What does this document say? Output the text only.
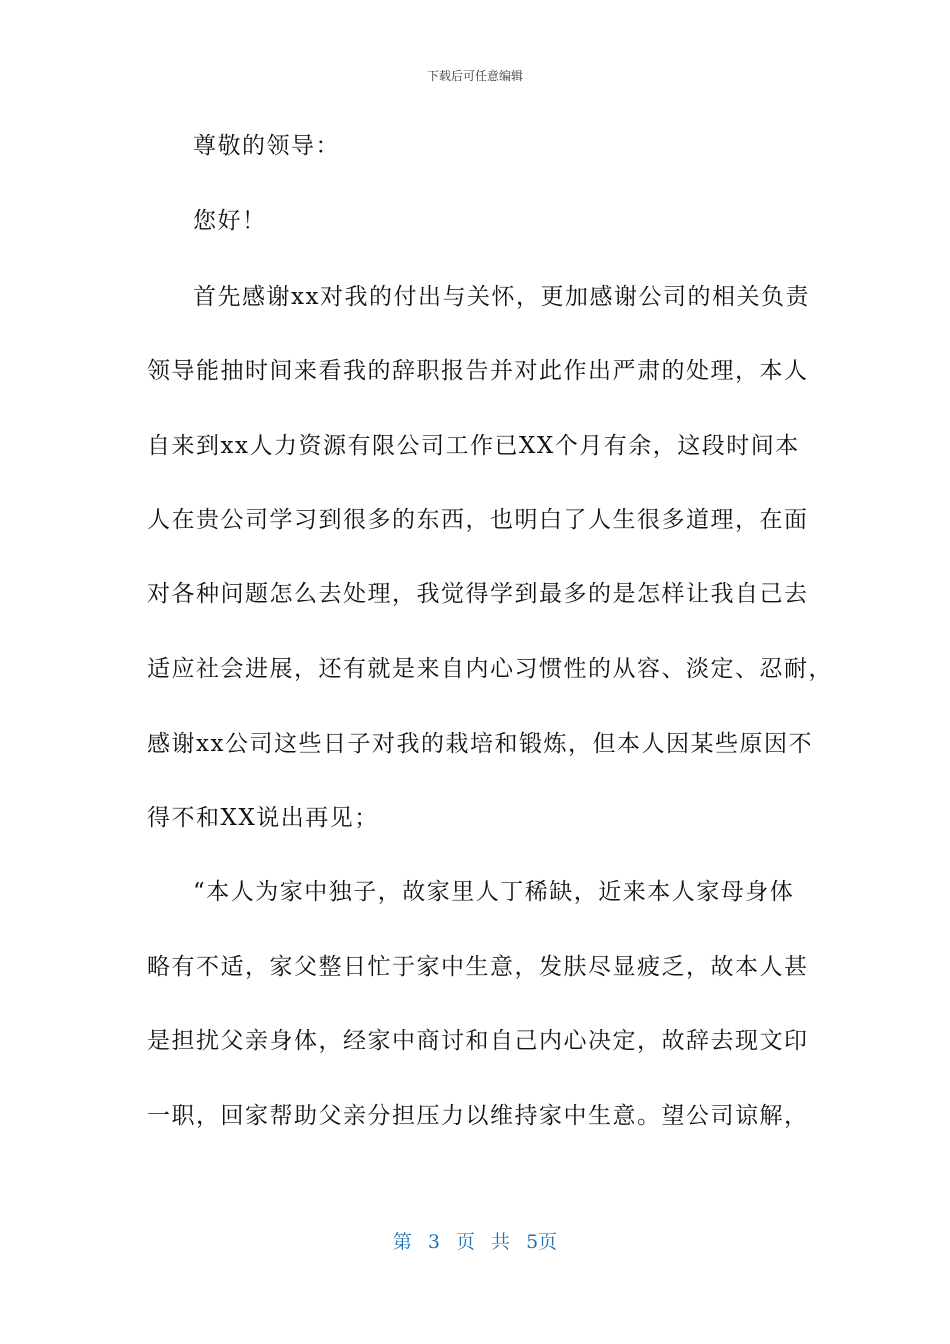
下载后可任意编辑
尊敬的领导：
您好！
首先感谢xx对我的付出与关怀，更加感谢公司的相关负责
领导能抽时间来看我的辞职报告并对此作出严肃的处理，本人
自来到xx人力资源有限公司工作已XX个月有余，这段时间本
人在贵公司学习到很多的东西，也明白了人生很多道理，在面
对各种问题怎么去处理，我觉得学到最多的是怎样让我自己去
适应社会进展，还有就是来自内心习惯性的从容、淡定、忍耐，
感谢xx公司这些日子对我的栽培和锻炼，但本人因某些原因不
得不和XX说出再见；
“本人为家中独子，故家里人丁稀缺，近来本人家母身体
略有不适，家父整日忙于家中生意，发肤尽显疲乏，故本人甚
是担扰父亲身体，经家中商讨和自己内心决定，故辞去现文印
一职，回家帮助父亲分担压力以维持家中生意。望公司谅解，
第 3 页 共 5页
